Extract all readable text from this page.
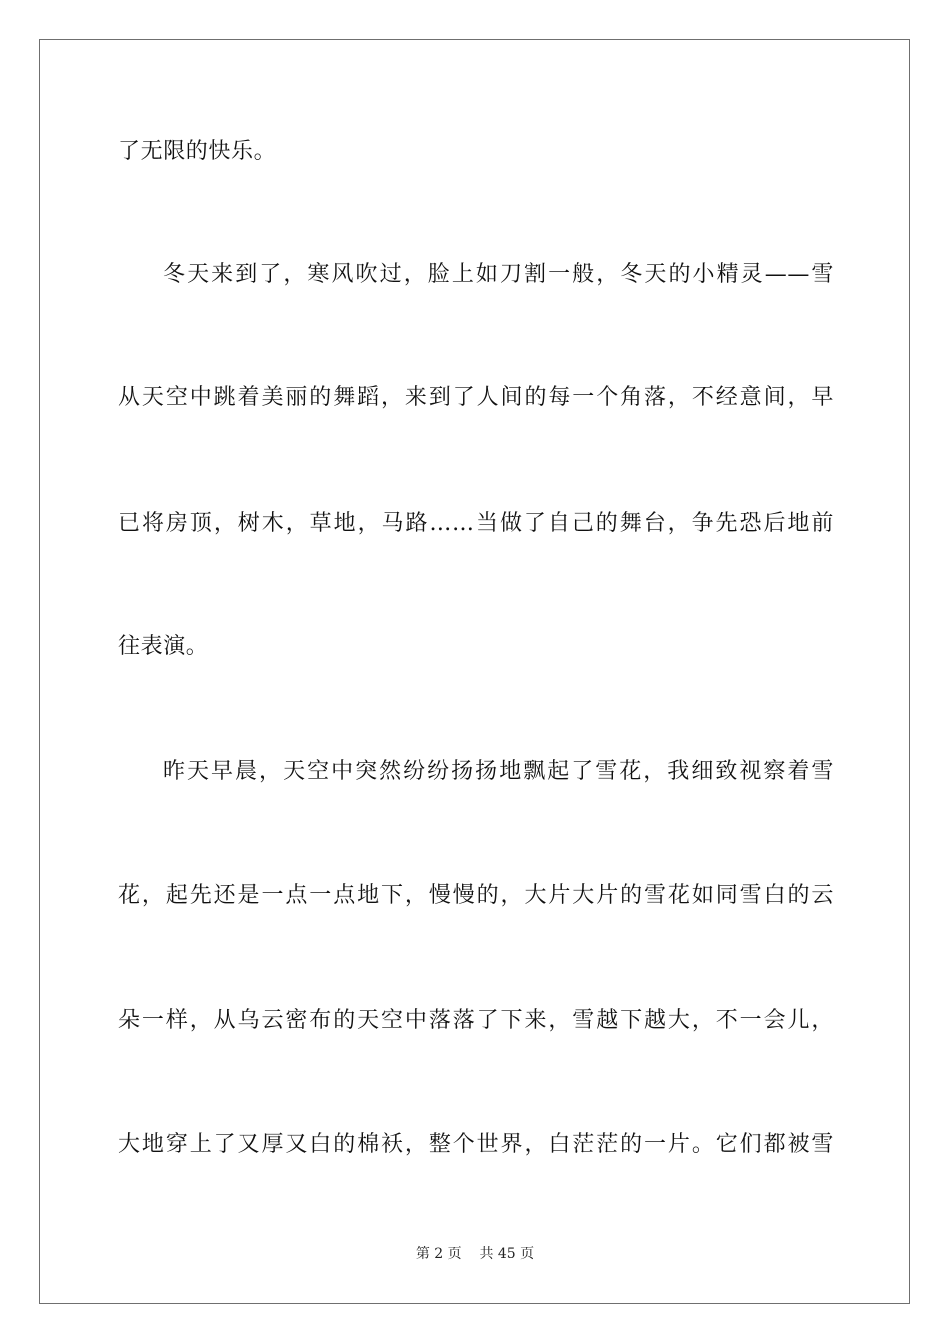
了无限的快乐。
冬天来到了，寒风吹过，脸上如刀割一般，冬天的小精灵——雪
从天空中跳着美丽的舞蹈，来到了人间的每一个角落，不经意间，早
已将房顶，树木，草地，马路……当做了自己的舞台，争先恐后地前
往表演。
昨天早晨，天空中突然纷纷扬扬地飘起了雪花，我细致视察着雪
花，起先还是一点一点地下，慢慢的，大片大片的雪花如同雪白的云
朵一样，从乌云密布的天空中落落了下来，雪越下越大，不一会儿，
大地穿上了又厚又白的棉袄，整个世界，白茫茫的一片。它们都被雪
第 2 页 共 45 页
